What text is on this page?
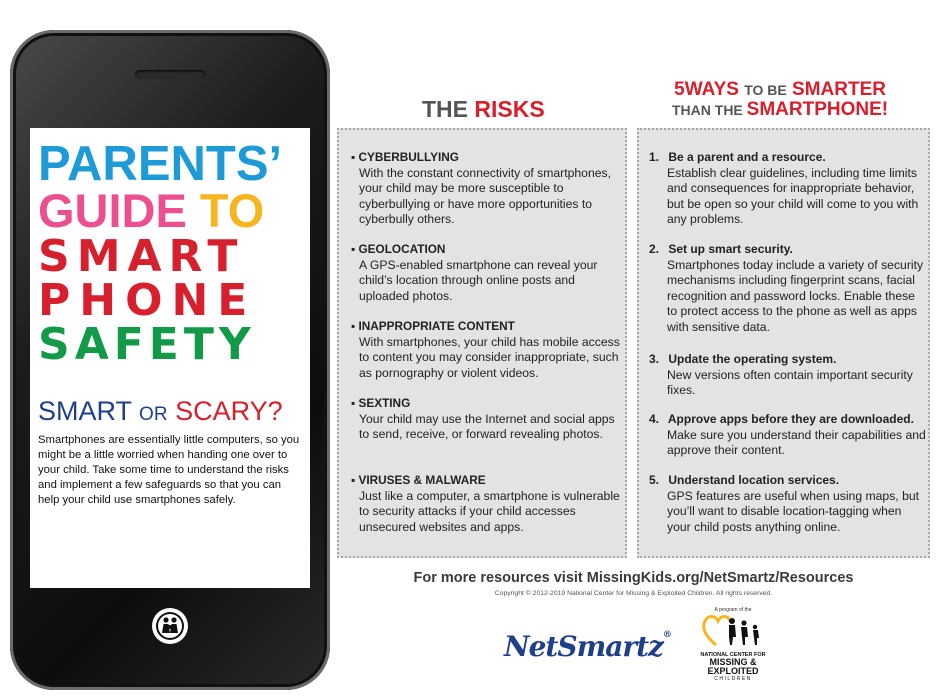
PARENTS’
GUIDE TO
SMART
PHONE
SAFETY
SMART OR SCARY?
Smartphones are essentially little computers, so you might be a little worried when handing one over to your child. Take some time to understand the risks and implement a few safeguards so that you can help your child use smartphones safely.
THE RISKS
5WAYS TO BE SMARTER
THAN THE SMARTPHONE!
▪ CYBERBULLYING
With the constant connectivity of smartphones, your child may be more susceptible to cyberbullying or have more opportunities to cyberbully others.
▪ GEOLOCATION
A GPS-enabled smartphone can reveal your child’s location through online posts and uploaded photos.
▪ INAPPROPRIATE CONTENT
With smartphones, your child has mobile access to content you may consider inappropriate, such as pornography or violent videos.
▪ SEXTING
Your child may use the Internet and social apps to send, receive, or forward revealing photos.
▪ VIRUSES & MALWARE
Just like a computer, a smartphone is vulnerable to security attacks if your child accesses unsecured websites and apps.
1. Be a parent and a resource.
Establish clear guidelines, including time limits and consequences for inappropriate behavior, but be open so your child will come to you with any problems.
2. Set up smart security.
Smartphones today include a variety of security mechanisms including fingerprint scans, facial recognition and password locks. Enable these to protect access to the phone as well as apps with sensitive data.
3. Update the operating system.
New versions often contain important security fixes.
4. Approve apps before they are downloaded.
Make sure you understand their capabilities and approve their content.
5. Understand location services.
GPS features are useful when using maps, but you’ll want to disable location-tagging when your child posts anything online.
For more resources visit MissingKids.org/NetSmartz/Resources
Copyright © 2012-2019 National Center for Missing & Exploited Children. All rights reserved.
NetSmartz®
A program of the
NATIONAL CENTER FOR
MISSING &
EXPLOITED
CHILDREN
